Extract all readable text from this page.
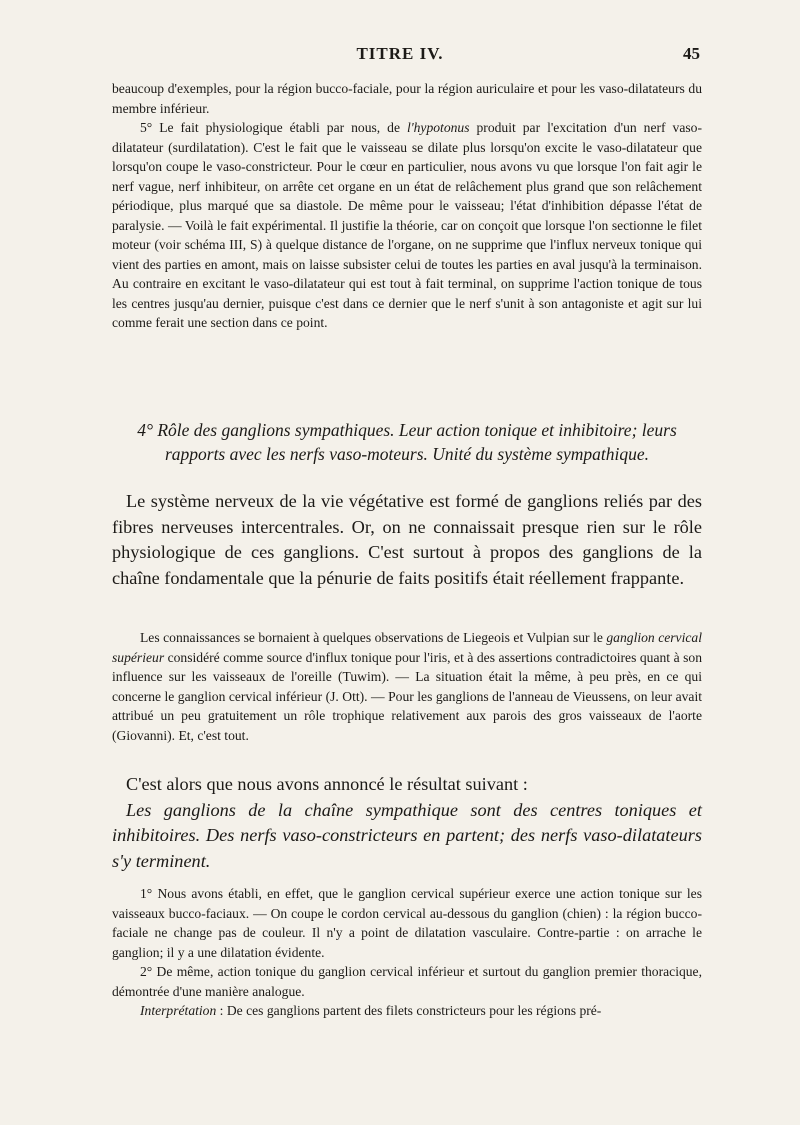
TITRE IV.	45

beaucoup d'exemples, pour la région bucco-faciale, pour la région auriculaire et pour les vaso-dilatateurs du membre inférieur.

5° Le fait physiologique établi par nous, de l'hypotonus produit par l'excitation d'un nerf vaso-dilatateur (surdilatation). C'est le fait que le vaisseau se dilate plus lorsqu'on excite le vaso-dilatateur que lorsqu'on coupe le vaso-constricteur. Pour le cœur en particulier, nous avons vu que lorsque l'on fait agir le nerf vague, nerf inhibiteur, on arrête cet organe en un état de relâchement plus grand que son relâchement périodique, plus marqué que sa diastole. De même pour le vaisseau; l'état d'inhibition dépasse l'état de paralysie. — Voilà le fait expérimental. Il justifie la théorie, car on conçoit que lorsque l'on sectionne le filet moteur (voir schéma III, S) à quelque distance de l'organe, on ne supprime que l'influx nerveux tonique qui vient des parties en amont, mais on laisse subsister celui de toutes les parties en aval jusqu'à la terminaison. Au contraire en excitant le vaso-dilatateur qui est tout à fait terminal, on supprime l'action tonique de tous les centres jusqu'au dernier, puisque c'est dans ce dernier que le nerf s'unit à son antagoniste et agit sur lui comme ferait une section dans ce point.

4° Rôle des ganglions sympathiques. Leur action tonique et inhibitoire; leurs rapports avec les nerfs vaso-moteurs. Unité du système sympathique.

Le système nerveux de la vie végétative est formé de ganglions reliés par des fibres nerveuses intercentrales. Or, on ne connaissait presque rien sur le rôle physiologique de ces ganglions. C'est surtout à propos des ganglions de la chaîne fondamentale que la pénurie de faits positifs était réellement frappante.

Les connaissances se bornaient à quelques observations de Liegeois et Vulpian sur le ganglion cervical supérieur considéré comme source d'influx tonique pour l'iris, et à des assertions contradictoires quant à son influence sur les vaisseaux de l'oreille (Tuwim). — La situation était la même, à peu près, en ce qui concerne le ganglion cervical inférieur (J. Ott). — Pour les ganglions de l'anneau de Vieussens, on leur avait attribué un peu gratuitement un rôle trophique relativement aux parois des gros vaisseaux de l'aorte (Giovanni). Et, c'est tout.

C'est alors que nous avons annoncé le résultat suivant :

Les ganglions de la chaîne sympathique sont des centres toniques et inhibitoires. Des nerfs vaso-constricteurs en partent; des nerfs vaso-dilatateurs s'y terminent.

1° Nous avons établi, en effet, que le ganglion cervical supérieur exerce une action tonique sur les vaisseaux bucco-faciaux. — On coupe le cordon cervical au-dessous du ganglion (chien) : la région bucco-faciale ne change pas de couleur. Il n'y a point de dilatation vasculaire. Contre-partie : on arrache le ganglion; il y a une dilatation évidente.

2° De même, action tonique du ganglion cervical inférieur et surtout du ganglion premier thoracique, démontrée d'une manière analogue.

Interprétation : De ces ganglions partent des filets constricteurs pour les régions pré-
